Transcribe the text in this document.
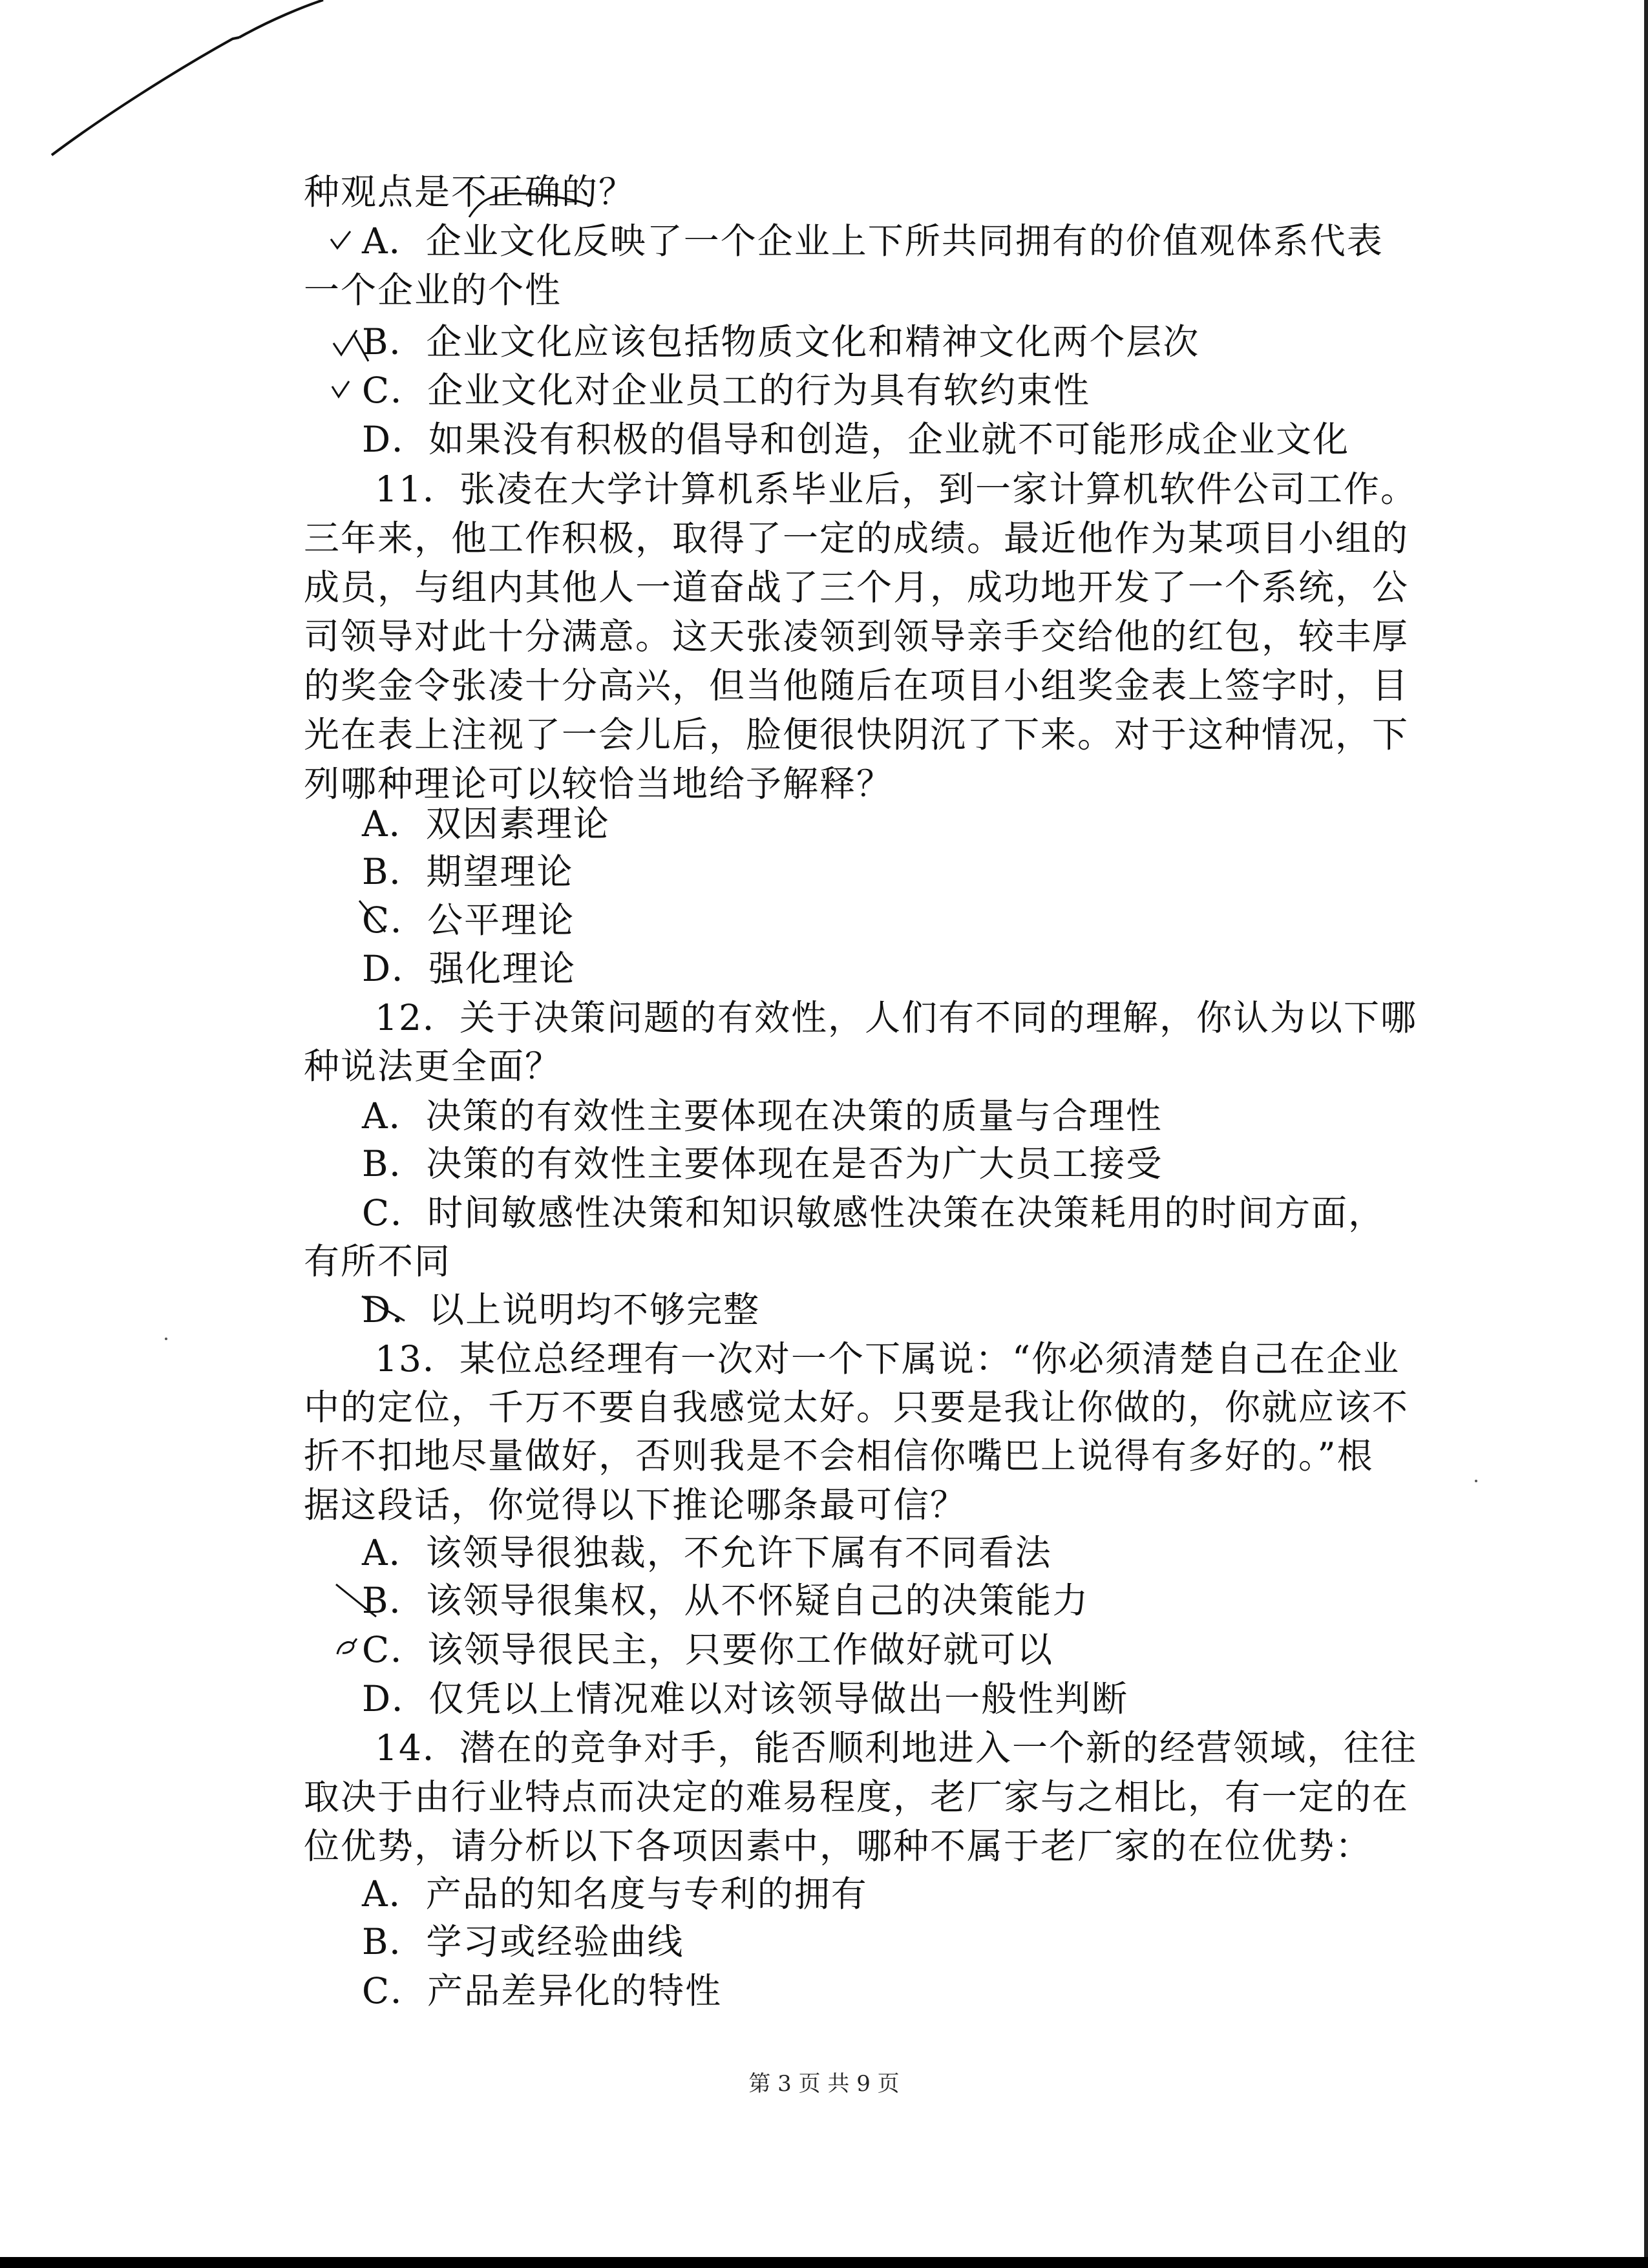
种观点是不正确的？
A．企业文化反映了一个企业上下所共同拥有的价值观体系代表
一个企业的个性
B．企业文化应该包括物质文化和精神文化两个层次
C．企业文化对企业员工的行为具有软约束性
D．如果没有积极的倡导和创造，企业就不可能形成企业文化
11．张凌在大学计算机系毕业后，到一家计算机软件公司工作。
三年来，他工作积极，取得了一定的成绩。最近他作为某项目小组的
成员，与组内其他人一道奋战了三个月，成功地开发了一个系统，公
司领导对此十分满意。这天张凌领到领导亲手交给他的红包，较丰厚
的奖金令张凌十分高兴，但当他随后在项目小组奖金表上签字时，目
光在表上注视了一会儿后，脸便很快阴沉了下来。对于这种情况，下
列哪种理论可以较恰当地给予解释？
A．双因素理论
B．期望理论
C．公平理论
D．强化理论
12．关于决策问题的有效性，人们有不同的理解，你认为以下哪
种说法更全面？
A．决策的有效性主要体现在决策的质量与合理性
B．决策的有效性主要体现在是否为广大员工接受
C．时间敏感性决策和知识敏感性决策在决策耗用的时间方面，
有所不同
D．以上说明均不够完整
13．某位总经理有一次对一个下属说：“你必须清楚自己在企业
中的定位，千万不要自我感觉太好。只要是我让你做的，你就应该不
折不扣地尽量做好，否则我是不会相信你嘴巴上说得有多好的。”根
据这段话，你觉得以下推论哪条最可信？
A．该领导很独裁，不允许下属有不同看法
B．该领导很集权，从不怀疑自己的决策能力
C．该领导很民主，只要你工作做好就可以
D．仅凭以上情况难以对该领导做出一般性判断
14．潜在的竞争对手，能否顺利地进入一个新的经营领域，往往
取决于由行业特点而决定的难易程度，老厂家与之相比，有一定的在
位优势，请分析以下各项因素中，哪种不属于老厂家的在位优势：
A．产品的知名度与专利的拥有
B．学习或经验曲线
C．产品差异化的特性
第 3 页 共 9 页
